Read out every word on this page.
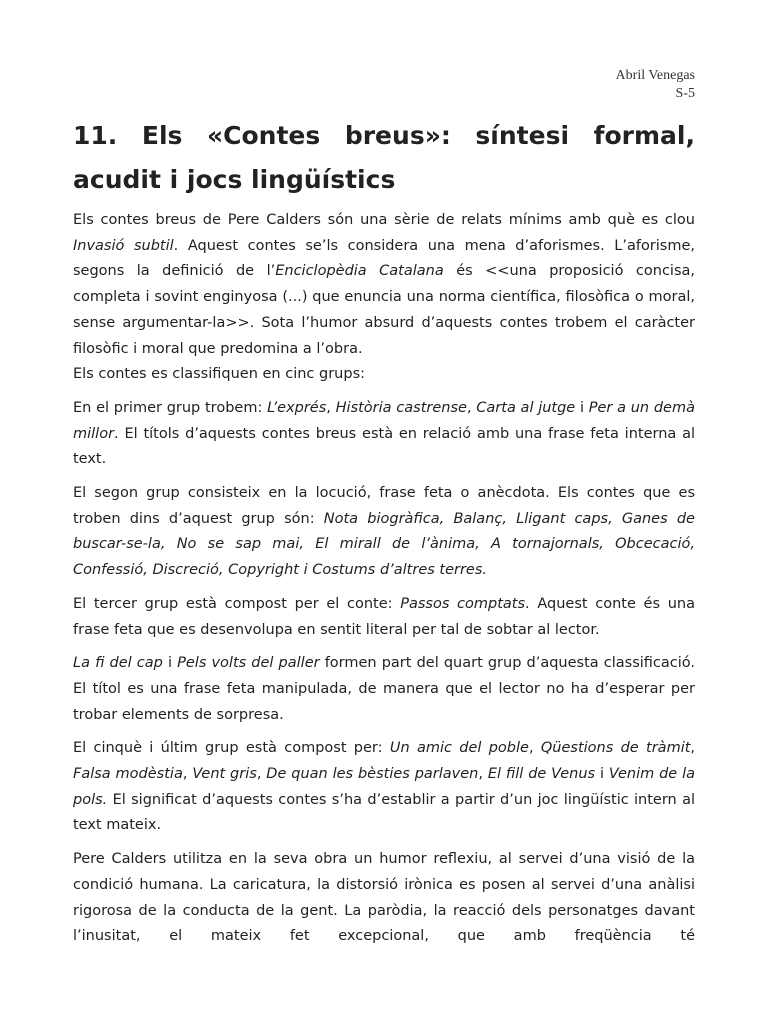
Abril Venegas
S-5
11. Els «Contes breus»: síntesi formal, acudit i jocs lingüístics

Els contes breus de Pere Calders són una sèrie de relats mínims amb què es clou Invasió subtil. Aquest contes se’ls considera una mena d’aforismes. L’aforisme, segons la definició de l’Enciclopèdia Catalana és <<una proposició concisa, completa i sovint enginyosa (...) que enuncia una norma científica, filosòfica o moral, sense argumentar-la>>. Sota l’humor absurd d’aquests contes trobem el caràcter filosòfic i moral que predomina a l’obra.

Els contes es classifiquen en cinc grups:

En el primer grup trobem: L’exprés, Història castrense, Carta al jutge i Per a un demà millor. El títols d’aquests contes breus està en relació amb una frase feta interna al text.

El segon grup consisteix en la locució, frase feta o anècdota. Els contes que es troben dins d’aquest grup són: Nota biogràfica, Balanç, Lligant caps, Ganes de buscar-se-la, No se sap mai, El mirall de l’ànima, A tornajornals, Obcecació, Confessió, Discreció, Copyright i Costums d’altres terres.

El tercer grup està compost per el conte: Passos comptats. Aquest conte és una frase feta que es desenvolupa en sentit literal per tal de sobtar al lector.

La fi del cap i Pels volts del paller formen part del quart grup d’aquesta classificació. El títol es una frase feta manipulada, de manera que el lector no ha d’esperar per trobar elements de sorpresa.

El cinquè i últim grup està compost per: Un amic del poble, Qüestions de tràmit, Falsa modèstia, Vent gris, De quan les bèsties parlaven, El fill de Venus i Venim de la pols. El significat d’aquests contes s’ha d’establir a partir d’un joc lingüístic intern al text mateix.

Pere Calders utilitza en la seva obra un humor reflexiu, al servei d’una visió de la condició humana. La caricatura, la distorsió irònica es posen al servei d’una anàlisi rigorosa de la conducta de la gent. La paròdia, la reacció dels personatges davant l’inusitat, el mateix fet excepcional, que amb freqüència té
